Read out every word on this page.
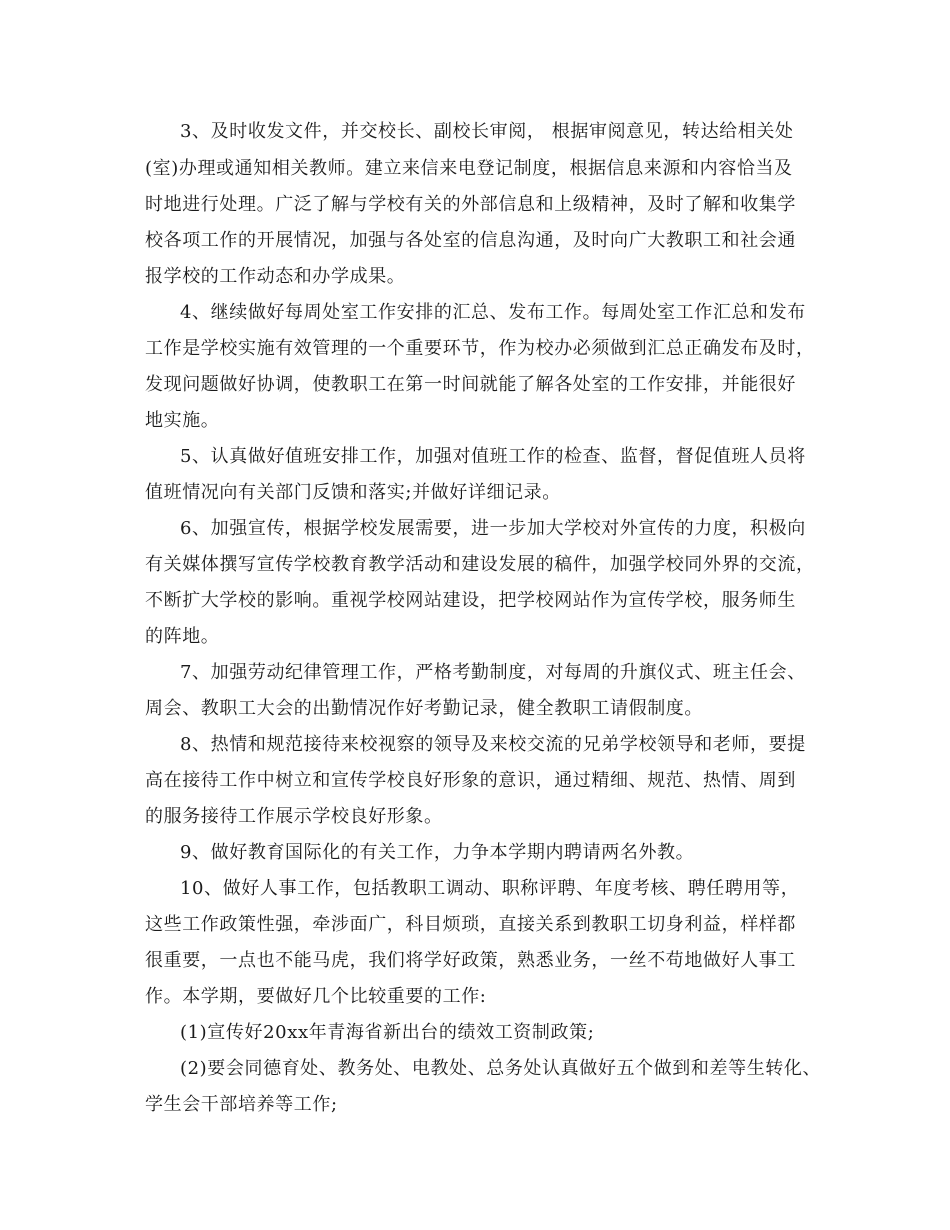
3、及时收发文件，并交校长、副校长审阅， 根据审阅意见，转达给相关处
(室)办理或通知相关教师。建立来信来电登记制度，根据信息来源和内容恰当及
时地进行处理。广泛了解与学校有关的外部信息和上级精神，及时了解和收集学
校各项工作的开展情况，加强与各处室的信息沟通，及时向广大教职工和社会通
报学校的工作动态和办学成果。
4、继续做好每周处室工作安排的汇总、发布工作。每周处室工作汇总和发布
工作是学校实施有效管理的一个重要环节，作为校办必须做到汇总正确发布及时，
发现问题做好协调，使教职工在第一时间就能了解各处室的工作安排，并能很好
地实施。
5、认真做好值班安排工作，加强对值班工作的检查、监督，督促值班人员将
值班情况向有关部门反馈和落实;并做好详细记录。
6、加强宣传，根据学校发展需要，进一步加大学校对外宣传的力度，积极向
有关媒体撰写宣传学校教育教学活动和建设发展的稿件，加强学校同外界的交流，
不断扩大学校的影响。重视学校网站建设，把学校网站作为宣传学校，服务师生
的阵地。
7、加强劳动纪律管理工作，严格考勤制度，对每周的升旗仪式、班主任会、
周会、教职工大会的出勤情况作好考勤记录，健全教职工请假制度。
8、热情和规范接待来校视察的领导及来校交流的兄弟学校领导和老师，要提
高在接待工作中树立和宣传学校良好形象的意识，通过精细、规范、热情、周到
的服务接待工作展示学校良好形象。
9、做好教育国际化的有关工作，力争本学期内聘请两名外教。
10、做好人事工作，包括教职工调动、职称评聘、年度考核、聘任聘用等，
这些工作政策性强，牵涉面广，科目烦琐，直接关系到教职工切身利益，样样都
很重要，一点也不能马虎，我们将学好政策，熟悉业务，一丝不苟地做好人事工
作。本学期，要做好几个比较重要的工作:
(1)宣传好20xx年青海省新出台的绩效工资制政策;
(2)要会同德育处、教务处、电教处、总务处认真做好五个做到和差等生转化、
学生会干部培养等工作;
